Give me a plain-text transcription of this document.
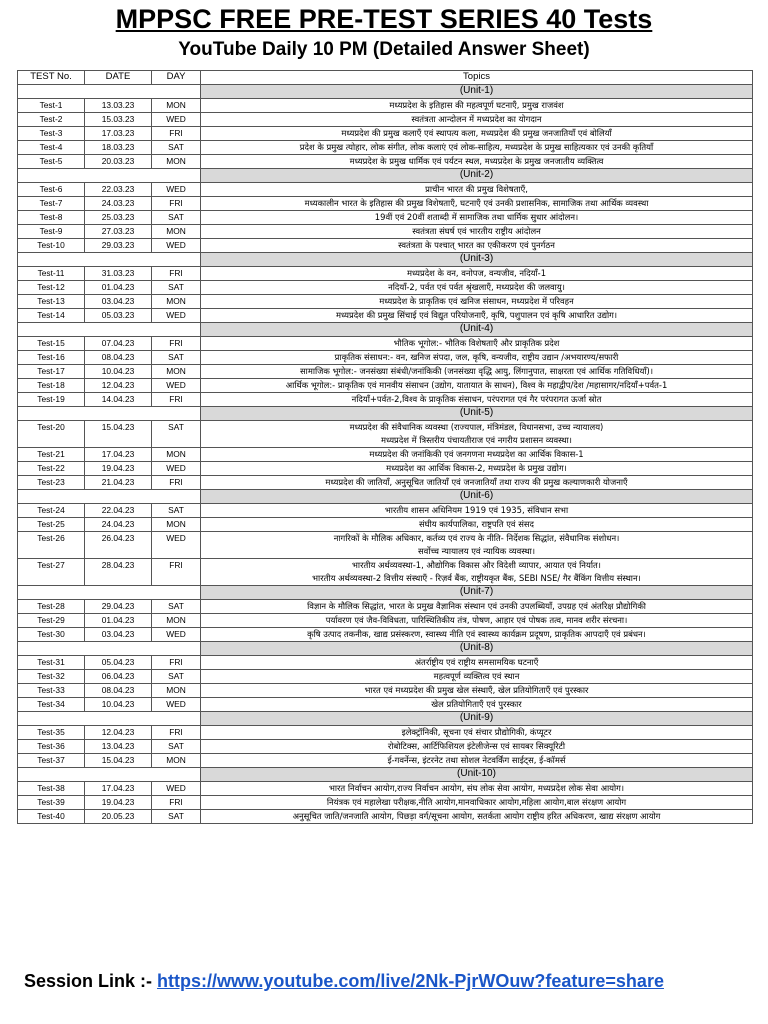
MPPSC FREE PRE-TEST SERIES 40 Tests
YouTube Daily 10 PM (Detailed Answer Sheet)
TEST No.	DATE	DAY	Topics
			(Unit-1)
Test-1	13.03.23	MON	मध्यप्रदेश के इतिहास की महत्वपूर्ण घटनाएँ, प्रमुख राजवंश

Test-2	15.03.23	WED	स्वतंत्रता आन्दोलन में मध्यप्रदेश का योगदान

Test-3	17.03.23	FRI	मध्यप्रदेश की प्रमुख कलाएँ एवं स्थापत्य कला, मध्यप्रदेश की प्रमुख जनजातियाँ एवं बोलियाँ

Test-4	18.03.23	SAT	प्रदेश के प्रमुख त्योहार, लोक संगीत, लोक कलाएं एवं लोक-साहित्य, मध्यप्रदेश के प्रमुख साहित्यकार एवं उनकी कृतियाँ

Test-5	20.03.23	MON	मध्यप्रदेश के प्रमुख धार्मिक एवं पर्यटन स्थल, मध्यप्रदेश के प्रमुख जनजातीय व्यक्तित्व

			(Unit-2)
Test-6	22.03.23	WED	प्राचीन भारत की प्रमुख विशेषताएँ,

Test-7	24.03.23	FRI	मध्यकालीन भारत के इतिहास की प्रमुख विशेषताएँ, घटनाएँ एवं उनकी प्रशासनिक, सामाजिक तथा आर्थिक व्यवस्था

Test-8	25.03.23	SAT	19वीं एवं 20वीं शताब्दी में सामाजिक तथा धार्मिक सुधार आंदोलन।

Test-9	27.03.23	MON	स्वतंत्रता संघर्ष एवं भारतीय राष्ट्रीय आंदोलन

Test-10	29.03.23	WED	स्वतंत्रता के पश्चात् भारत का एकीकरण एवं पुनर्गठन

			(Unit-3)
Test-11	31.03.23	FRI	मध्यप्रदेश के वन, वनोपज, वन्यजीव, नदियाँ-1

Test-12	01.04.23	SAT	नदियाँ-2, पर्वत एवं पर्वत श्रृंखलाएँ, मध्यप्रदेश की जलवायु।

Test-13	03.04.23	MON	मध्यप्रदेश के प्राकृतिक एवं खनिज संसाधन, मध्यप्रदेश में परिवहन

Test-14	05.03.23	WED	मध्यप्रदेश की प्रमुख सिंचाई एवं विद्युत परियोजनाएँ, कृषि, पशुपालन एवं कृषि आधारित उद्योग।

			(Unit-4)
Test-15	07.04.23	FRI	भौतिक भूगोल:- भौतिक विशेषताएँ और प्राकृतिक प्रदेश

Test-16	08.04.23	SAT	प्राकृतिक संसाधन:- वन, खनिज संपदा, जल, कृषि, वन्यजीव, राष्ट्रीय उद्यान /अभयारण्य/सफारी

Test-17	10.04.23	MON	सामाजिक भूगोल:- जनसंख्या संबंधी/जनांकिकी (जनसंख्या वृद्धि आयु, लिंगानुपात, साक्षरता एवं आर्थिक गतिविधियाँ)।

Test-18	12.04.23	WED	आर्थिक भूगोल:- प्राकृतिक एवं मानवीय संसाधन (उद्योग, यातायात के साधन), विश्व के महाद्वीप/देश /महासागर/नदियाँ+पर्वत-1

Test-19	14.04.23	FRI	नदियाँ+पर्वत-2,विश्व के प्राकृतिक संसाधन, परंपरागत एवं गैर परंपरागत ऊर्जा स्रोत

			(Unit-5)
Test-20	15.04.23	SAT	मध्यप्रदेश की संवैधानिक व्यवस्था (राज्यपाल, मंत्रिमंडल, विधानसभा, उच्च न्यायालय)
मध्यप्रदेश में त्रिस्तरीय पंचायतीराज एवं नगरीय प्रशासन व्यवस्था।

Test-21	17.04.23	MON	मध्यप्रदेश की जनांकिकी एवं जनगणना मध्यप्रदेश का आर्थिक विकास-1

Test-22	19.04.23	WED	मध्यप्रदेश का आर्थिक विकास-2, मध्यप्रदेश के प्रमुख उद्योग।

Test-23	21.04.23	FRI	मध्यप्रदेश की जातियाँ, अनुसूचित जातियाँ एवं जनजातियाँ तथा राज्य की प्रमुख कल्याणकारी योजनाएँ

			(Unit-6)
Test-24	22.04.23	SAT	भारतीय शासन अधिनियम 1919 एवं 1935, संविधान सभा

Test-25	24.04.23	MON	संघीय कार्यपालिका, राष्ट्रपति एवं संसद

Test-26	26.04.23	WED	नागरिकों के मौलिक अधिकार, कर्तव्य एवं राज्य के नीति- निर्देशक सिद्धांत, संवैधानिक संशोधन।
सर्वोच्च न्यायालय एवं न्यायिक व्यवस्था।

Test-27	28.04.23	FRI	भारतीय अर्थव्यवस्था-1, औद्योगिक विकास और विदेशी व्यापार, आयात एवं निर्यात।
भारतीय अर्थव्यवस्था-2 वित्तीय संस्थाएँ - रिज़र्व बैंक, राष्ट्रीयकृत बैंक, SEBI NSE/ गैर बैंकिंग वित्तीय संस्थान।

			(Unit-7)
Test-28	29.04.23	SAT	विज्ञान के मौलिक सिद्धांत, भारत के प्रमुख वैज्ञानिक संस्थान एवं उनकी उपलब्धियाँ, उपग्रह एवं अंतरिक्ष प्रौद्योगिकी

Test-29	01.04.23	MON	पर्यावरण एवं जैव-विविधता, पारिस्थितिकीय तंत्र, पोषण, आहार एवं पोषक तत्व, मानव शरीर संरचना।

Test-30	03.04.23	WED	कृषि उत्पाद तकनीक, खाद्य प्रसंस्करण, स्वास्थ्य नीति एवं स्वास्थ्य कार्यक्रम प्रदूषण, प्राकृतिक आपदाएँ एवं प्रबंधन।

			(Unit-8)
Test-31	05.04.23	FRI	अंतर्राष्ट्रीय एवं राष्ट्रीय समसामयिक घटनाएँ

Test-32	06.04.23	SAT	महत्वपूर्ण व्यक्तित्व एवं स्थान

Test-33	08.04.23	MON	भारत एवं मध्यप्रदेश की प्रमुख खेल संस्थाएँ, खेल प्रतियोगिताएँ एवं पुरस्कार

Test-34	10.04.23	WED	खेल प्रतियोगिताएँ एवं पुरस्कार

			(Unit-9)
Test-35	12.04.23	FRI	इलेक्ट्रॉनिकी, सूचना एवं संचार प्रौद्योगिकी, कंप्यूटर

Test-36	13.04.23	SAT	रोबोटिक्स, आर्टिफिशियल इंटेलीजेन्स एवं सायबर सिक्यूरिटी

Test-37	15.04.23	MON	ई-गवर्नेन्स, इंटरनेट तथा सोशल नेटवर्किंग साईट्स, ई-कॉमर्स

			(Unit-10)
Test-38	17.04.23	WED	भारत निर्वाचन आयोग,राज्य निर्वाचन आयोग, संघ लोक सेवा आयोग, मध्यप्रदेश लोक सेवा आयोग।

Test-39	19.04.23	FRI	नियंत्रक एवं महालेखा परीक्षक,नीति आयोग,मानवाधिकार आयोग,महिला आयोग,बाल संरक्षण आयोग

Test-40	20.05.23	SAT	अनुसूचित जाति/जनजाति आयोग, पिछड़ा वर्ग/सूचना आयोग, सतर्कता आयोग राष्ट्रीय हरित अधिकरण, खाद्य संरक्षण आयोग
Session Link :- https://www.youtube.com/live/2Nk-PjrWOuw?feature=share
